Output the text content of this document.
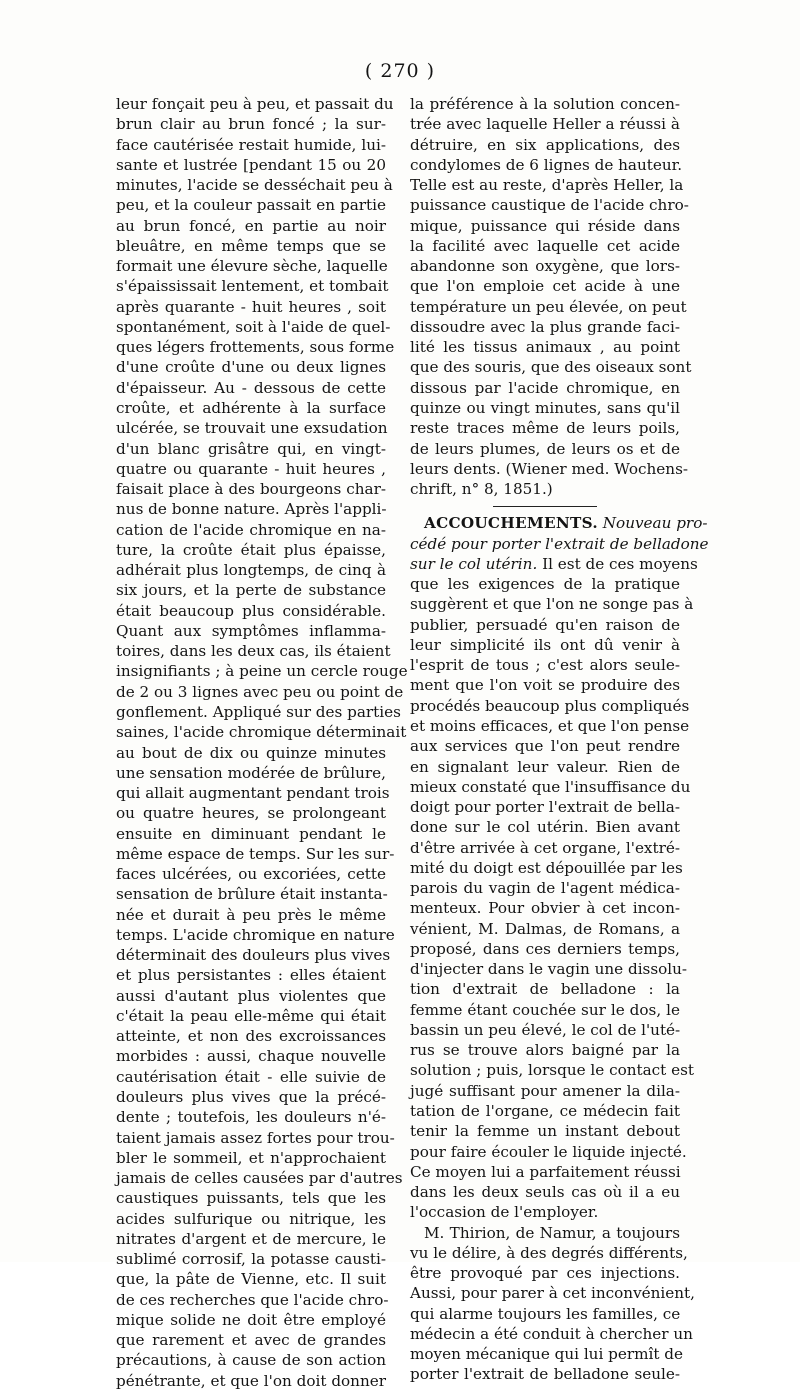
( 270 )
leur fonçait peu à peu, et passait du
brun clair au brun foncé ; la sur-
face cautérisée restait humide, lui-
sante et lustrée [pendant 15 ou 20
minutes, l'acide se desséchait peu à
peu, et la couleur passait en partie
au brun foncé, en partie au noir
bleuâtre, en même temps que se
formait une élevure sèche, laquelle
s'épaississait lentement, et tombait
après quarante - huit heures , soit
spontanément, soit à l'aide de quel-
ques légers frottements, sous forme
d'une croûte d'une ou deux lignes
d'épaisseur. Au - dessous de cette
croûte, et adhérente à la surface
ulcérée, se trouvait une exsudation
d'un blanc grisâtre qui, en vingt-
quatre ou quarante - huit heures ,
faisait place à des bourgeons char-
nus de bonne nature. Après l'appli-
cation de l'acide chromique en na-
ture, la croûte était plus épaisse,
adhérait plus longtemps, de cinq à
six jours, et la perte de substance
était beaucoup plus considérable.
Quant aux symptômes inflamma-
toires, dans les deux cas, ils étaient
insignifiants ; à peine un cercle rouge
de 2 ou 3 lignes avec peu ou point de
gonflement. Appliqué sur des parties
saines, l'acide chromique déterminait
au bout de dix ou quinze minutes
une sensation modérée de brûlure,
qui allait augmentant pendant trois
ou quatre heures, se prolongeant
ensuite en diminuant pendant le
même espace de temps. Sur les sur-
faces ulcérées, ou excoriées, cette
sensation de brûlure était instanta-
née et durait à peu près le même
temps. L'acide chromique en nature
déterminait des douleurs plus vives
et plus persistantes : elles étaient
aussi d'autant plus violentes que
c'était la peau elle-même qui était
atteinte, et non des excroissances
morbides : aussi, chaque nouvelle
cautérisation était - elle suivie de
douleurs plus vives que la précé-
dente ; toutefois, les douleurs n'é-
taient jamais assez fortes pour trou-
bler le sommeil, et n'approchaient
jamais de celles causées par d'autres
caustiques puissants, tels que les
acides sulfurique ou nitrique, les
nitrates d'argent et de mercure, le
sublimé corrosif, la potasse causti-
que, la pâte de Vienne, etc. Il suit
de ces recherches que l'acide chro-
mique solide ne doit être employé
que rarement et avec de grandes
précautions, à cause de son action
pénétrante, et que l'on doit donner
la préférence à la solution concen-
trée avec laquelle Heller a réussi à
détruire, en six applications, des
condylomes de 6 lignes de hauteur.
Telle est au reste, d'après Heller, la
puissance caustique de l'acide chro-
mique, puissance qui réside dans
la facilité avec laquelle cet acide
abandonne son oxygène, que lors-
que l'on emploie cet acide à une
température un peu élevée, on peut
dissoudre avec la plus grande faci-
lité les tissus animaux , au point
que des souris, que des oiseaux sont
dissous par l'acide chromique, en
quinze ou vingt minutes, sans qu'il
reste traces même de leurs poils,
de leurs plumes, de leurs os et de
leurs dents. (Wiener med. Wochens-
chrift, n° 8, 1851.)
ACCOUCHEMENTS. Nouveau pro-
cédé pour porter l'extrait de belladone
sur le col utérin. Il est de ces moyens
que les exigences de la pratique
suggèrent et que l'on ne songe pas à
publier, persuadé qu'en raison de
leur simplicité ils ont dû venir à
l'esprit de tous ; c'est alors seule-
ment que l'on voit se produire des
procédés beaucoup plus compliqués
et moins efficaces, et que l'on pense
aux services que l'on peut rendre
en signalant leur valeur. Rien de
mieux constaté que l'insuffisance du
doigt pour porter l'extrait de bella-
done sur le col utérin. Bien avant
d'être arrivée à cet organe, l'extré-
mité du doigt est dépouillée par les
parois du vagin de l'agent médica-
menteux. Pour obvier à cet incon-
vénient, M. Dalmas, de Romans, a
proposé, dans ces derniers temps,
d'injecter dans le vagin une dissolu-
tion d'extrait de belladone : la
femme étant couchée sur le dos, le
bassin un peu élevé, le col de l'uté-
rus se trouve alors baigné par la
solution ; puis, lorsque le contact est
jugé suffisant pour amener la dila-
tation de l'organe, ce médecin fait
tenir la femme un instant debout
pour faire écouler le liquide injecté.
Ce moyen lui a parfaitement réussi
dans les deux seuls cas où il a eu
l'occasion de l'employer.
M. Thirion, de Namur, a toujours
vu le délire, à des degrés différents,
être provoqué par ces injections.
Aussi, pour parer à cet inconvénient,
qui alarme toujours les familles, ce
médecin a été conduit à chercher un
moyen mécanique qui lui permît de
porter l'extrait de belladone seule-
